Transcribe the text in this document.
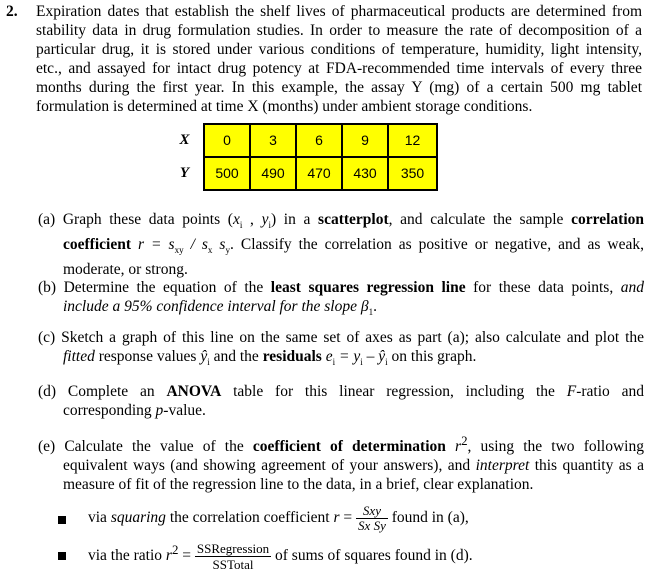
2. Expiration dates that establish the shelf lives of pharmaceutical products are determined from
stability data in drug formulation studies. In order to measure the rate of decomposition of a
particular drug, it is stored under various conditions of temperature, humidity, light intensity,
etc., and assayed for intact drug potency at FDA-recommended time intervals of every three
months during the first year. In this example, the assay Y (mg) of a certain 500 mg tablet
formulation is determined at time X (months) under ambient storage conditions.
X	0	3	6	9	12
Y	500	490	470	430	350
(a) Graph these data points ($x_i$ , $y_i$) in a scatterplot, and calculate the sample correlation
coefficient $r = s_{xy} / s_x$ $s_y$. Classify the correlation as positive or negative, and as weak,
moderate, or strong.
(b) Determine the equation of the least squares regression line for these data points, and
include a 95% confidence interval for the slope $\beta_1$.
(c) Sketch a graph of this line on the same set of axes as part (a); also calculate and plot the
fitted response values $ŷ_i$ and the residuals $e_i = y_i$ – $ŷ_i$ on this graph.
(d) Complete an ANOVA table for this linear regression, including the F-ratio and
corresponding p-value.
(e) Calculate the value of the coefficient of determination $r^2$, using the two following
equivalent ways (and showing agreement of your answers), and interpret this quantity as a
measure of fit of the regression line to the data, in a brief, clear explanation.
via squaring the correlation coefficient $r = \frac{\text{Sxy}}{\text{Sx Sy}}$ found in (a),
via the ratio $r^2 = \frac{\text{SSRegression}}{\text{SSTotal}}$ of sums of squares found in (d).
